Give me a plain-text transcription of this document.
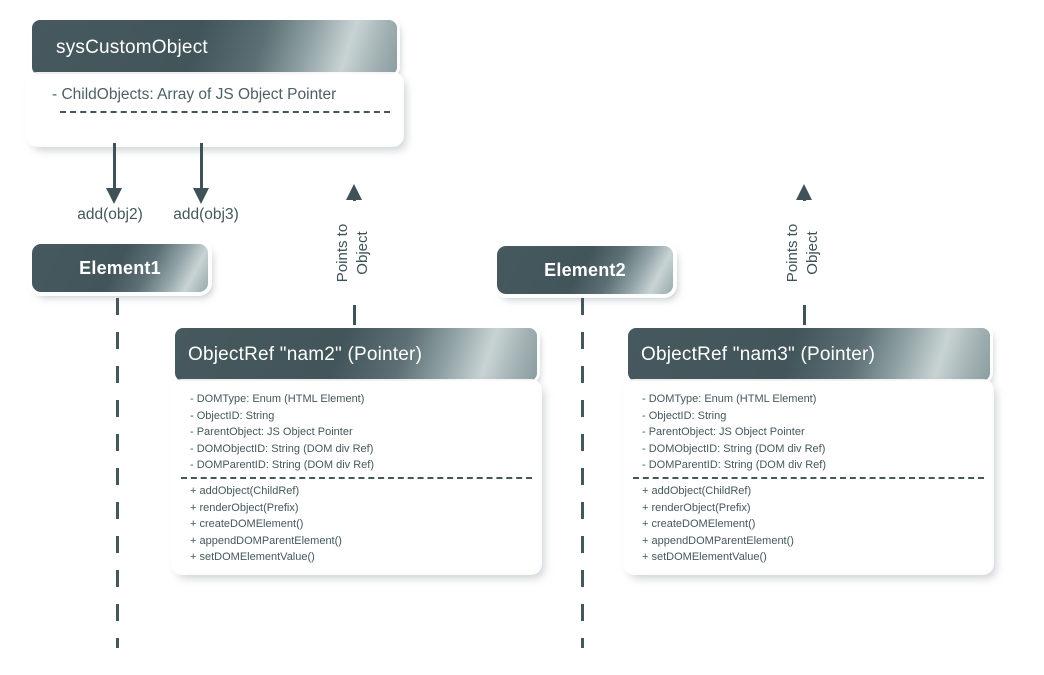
sysCustomObject
- ChildObjects: Array of JS Object Pointer
add(obj2)	add(obj3)
Element1	Element2
Points to Object	Points to Object
ObjectRef "nam2" (Pointer)
- DOMType: Enum (HTML Element)
- ObjectID: String
- ParentObject: JS Object Pointer
- DOMObjectID: String (DOM div Ref)
- DOMParentID: String (DOM div Ref)
+ addObject(ChildRef)
+ renderObject(Prefix)
+ createDOMElement()
+ appendDOMParentElement()
+ setDOMElementValue()
ObjectRef "nam3" (Pointer)
- DOMType: Enum (HTML Element)
- ObjectID: String
- ParentObject: JS Object Pointer
- DOMObjectID: String (DOM div Ref)
- DOMParentID: String (DOM div Ref)
+ addObject(ChildRef)
+ renderObject(Prefix)
+ createDOMElement()
+ appendDOMParentElement()
+ setDOMElementValue()
